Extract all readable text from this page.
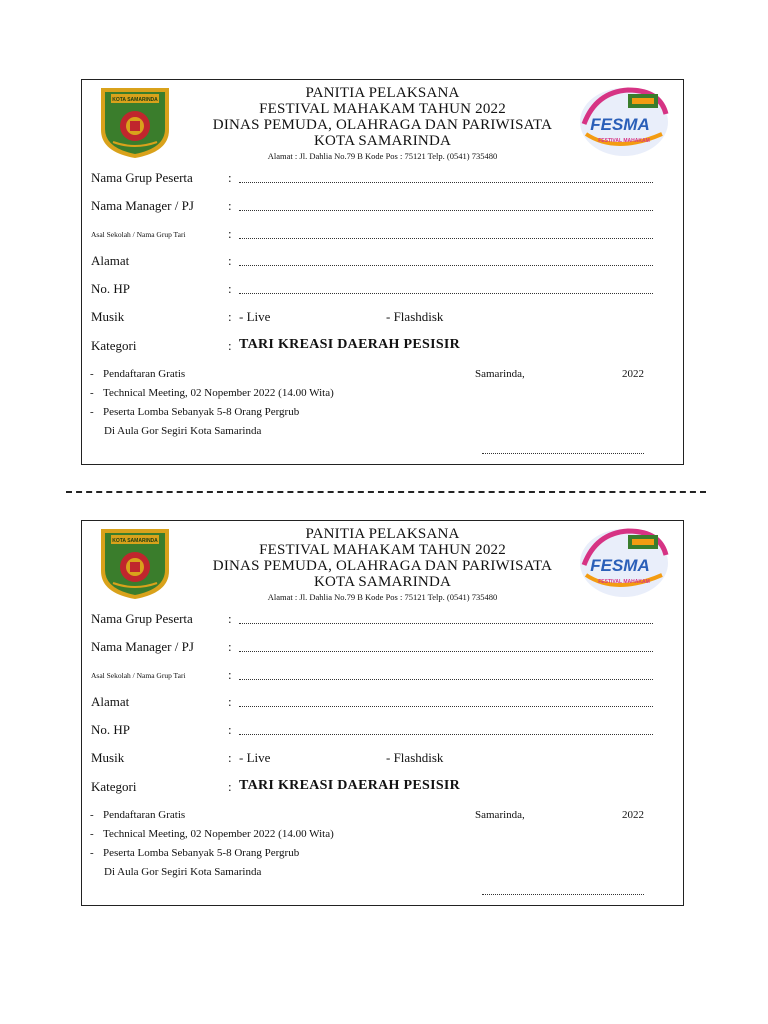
KOTA SAMARINDA
FESMA
FESTIVAL MAHAKAM
PANITIA PELAKSANA
FESTIVAL MAHAKAM TAHUN 2022
DINAS PEMUDA, OLAHRAGA DAN PARIWISATA
KOTA SAMARINDA
Alamat : Jl. Dahlia No.79 B Kode Pos : 75121 Telp. (0541) 735480
Nama Grup Peserta	:
Nama Manager / PJ	:
Asal Sekolah / Nama Grup Tari	:
Alamat	:
No. HP	:
Musik	: - Live	- Flashdisk
Kategori	: TARI KREASI DAERAH PESISIR
- Pendaftaran Gratis
- Technical Meeting, 02 Nopember 2022 (14.00 Wita)
- Peserta Lomba Sebanyak 5-8 Orang Pergrub
Di Aula Gor Segiri Kota Samarinda
Samarinda,	2022
KOTA SAMARINDA
FESMA
FESTIVAL MAHAKAM
PANITIA PELAKSANA
FESTIVAL MAHAKAM TAHUN 2022
DINAS PEMUDA, OLAHRAGA DAN PARIWISATA
KOTA SAMARINDA
Alamat : Jl. Dahlia No.79 B Kode Pos : 75121 Telp. (0541) 735480
Nama Grup Peserta	:
Nama Manager / PJ	:
Asal Sekolah / Nama Grup Tari	:
Alamat	:
No. HP	:
Musik	: - Live	- Flashdisk
Kategori	: TARI KREASI DAERAH PESISIR
- Pendaftaran Gratis
- Technical Meeting, 02 Nopember 2022 (14.00 Wita)
- Peserta Lomba Sebanyak 5-8 Orang Pergrub
Di Aula Gor Segiri Kota Samarinda
Samarinda,	2022
